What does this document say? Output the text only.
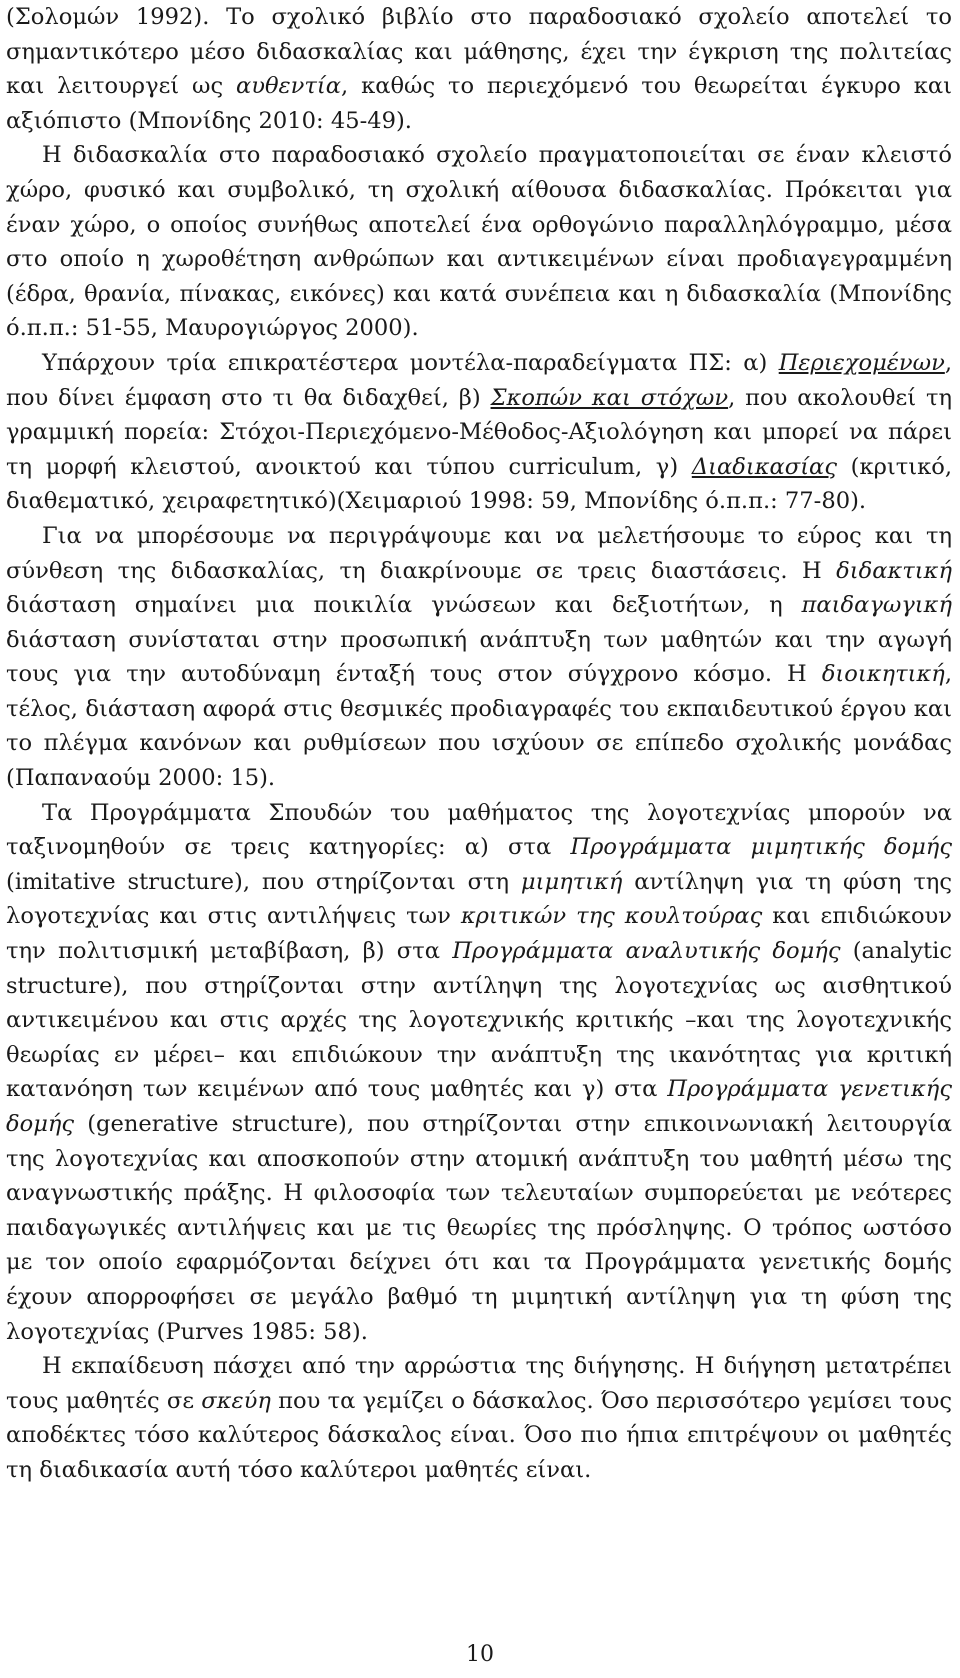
(Σολομών 1992). Το σχολικό βιβλίο στο παραδοσιακό σχολείο αποτελεί το σημαντικότερο μέσο διδασκαλίας και μάθησης, έχει την έγκριση της πολιτείας και λειτουργεί ως αυθεντία, καθώς το περιεχόμενό του θεωρείται έγκυρο και αξιόπιστο (Μπονίδης 2010: 45-49).

Η διδασκαλία στο παραδοσιακό σχολείο πραγματοποιείται σε έναν κλειστό χώρο, φυσικό και συμβολικό, τη σχολική αίθουσα διδασκαλίας. Πρόκειται για έναν χώρο, ο οποίος συνήθως αποτελεί ένα ορθογώνιο παραλληλόγραμμο, μέσα στο οποίο η χωροθέτηση ανθρώπων και αντικειμένων είναι προδιαγεγραμμένη (έδρα, θρανία, πίνακας, εικόνες) και κατά συνέπεια και η διδασκαλία (Μπονίδης ό.π.π.: 51-55, Μαυρογιώργος 2000).

Υπάρχουν τρία επικρατέστερα μοντέλα-παραδείγματα ΠΣ: α) Περιεχομένων, που δίνει έμφαση στο τι θα διδαχθεί, β) Σκοπών και στόχων, που ακολουθεί τη γραμμική πορεία: Στόχοι-Περιεχόμενο-Μέθοδος-Αξιολόγηση και μπορεί να πάρει τη μορφή κλειστού, ανοικτού και τύπου curriculum, γ) Διαδικασίας (κριτικό, διαθεματικό, χειραφετητικό)(Χειμαριού 1998: 59, Μπονίδης ό.π.π.: 77-80).

Για να μπορέσουμε να περιγράψουμε και να μελετήσουμε το εύρος και τη σύνθεση της διδασκαλίας, τη διακρίνουμε σε τρεις διαστάσεις. Η διδακτική διάσταση σημαίνει μια ποικιλία γνώσεων και δεξιοτήτων, η παιδαγωγική διάσταση συνίσταται στην προσωπική ανάπτυξη των μαθητών και την αγωγή τους για την αυτοδύναμη ένταξή τους στον σύγχρονο κόσμο. Η διοικητική, τέλος, διάσταση αφορά στις θεσμικές προδιαγραφές του εκπαιδευτικού έργου και το πλέγμα κανόνων και ρυθμίσεων που ισχύουν σε επίπεδο σχολικής μονάδας (Παπαναούμ 2000: 15).

Τα Προγράμματα Σπουδών του μαθήματος της λογοτεχνίας μπορούν να ταξινομηθούν σε τρεις κατηγορίες: α) στα Προγράμματα μιμητικής δομής (imitative structure), που στηρίζονται στη μιμητική αντίληψη για τη φύση της λογοτεχνίας και στις αντιλήψεις των κριτικών της κουλτούρας και επιδιώκουν την πολιτισμική μεταβίβαση, β) στα Προγράμματα αναλυτικής δομής (analytic structure), που στηρίζονται στην αντίληψη της λογοτεχνίας ως αισθητικού αντικειμένου και στις αρχές της λογοτεχνικής κριτικής –και της λογοτεχνικής θεωρίας εν μέρει– και επιδιώκουν την ανάπτυξη της ικανότητας για κριτική κατανόηση των κειμένων από τους μαθητές και γ) στα Προγράμματα γενετικής δομής (generative structure), που στηρίζονται στην επικοινωνιακή λειτουργία της λογοτεχνίας και αποσκοπούν στην ατομική ανάπτυξη του μαθητή μέσω της αναγνωστικής πράξης. Η φιλοσοφία των τελευταίων συμπορεύεται με νεότερες παιδαγωγικές αντιλήψεις και με τις θεωρίες της πρόσληψης. Ο τρόπος ωστόσο με τον οποίο εφαρμόζονται δείχνει ότι και τα Προγράμματα γενετικής δομής έχουν απορροφήσει σε μεγάλο βαθμό τη μιμητική αντίληψη για τη φύση της λογοτεχνίας (Purves 1985: 58).

Η εκπαίδευση πάσχει από την αρρώστια της διήγησης. Η διήγηση μετατρέπει τους μαθητές σε σκεύη που τα γεμίζει ο δάσκαλος. Όσο περισσότερο γεμίσει τους αποδέκτες τόσο καλύτερος δάσκαλος είναι. Όσο πιο ήπια επιτρέψουν οι μαθητές τη διαδικασία αυτή τόσο καλύτεροι μαθητές είναι.

10
